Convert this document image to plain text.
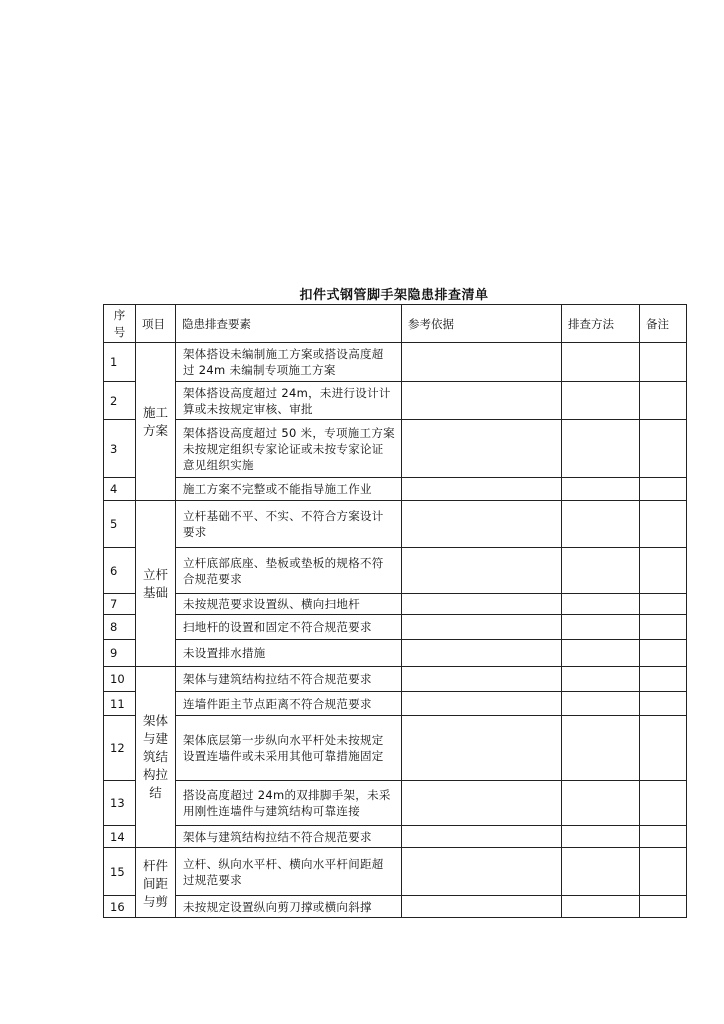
扣件式钢管脚手架隐患排查清单
序号	项目	隐患排查要素	参考依据	排查方法	备注
1	施工方案	架体搭设未编制施工方案或搭设高度超过 24m 未编制专项施工方案			
2		架体搭设高度超过 24m，未进行设计计算或未按规定审核、审批			
3		架体搭设高度超过 50 米，专项施工方案未按规定组织专家论证或未按专家论证意见组织实施			
4		施工方案不完整或不能指导施工作业			
5	立杆基础	立杆基础不平、不实、不符合方案设计要求			
6		立杆底部底座、垫板或垫板的规格不符合规范要求			
7		未按规范要求设置纵、横向扫地杆			
8		扫地杆的设置和固定不符合规范要求			
9		未设置排水措施			
10	架体与建筑结构拉结	架体与建筑结构拉结不符合规范要求			
11		连墙件距主节点距离不符合规范要求			
12		架体底层第一步纵向水平杆处未按规定设置连墙件或未采用其他可靠措施固定			
13		搭设高度超过 24m的双排脚手架，未采用刚性连墙件与建筑结构可靠连接			
14		架体与建筑结构拉结不符合规范要求			
15	杆件间距与剪	立杆、纵向水平杆、横向水平杆间距超过规范要求			
16		未按规定设置纵向剪刀撑或横向斜撑			
